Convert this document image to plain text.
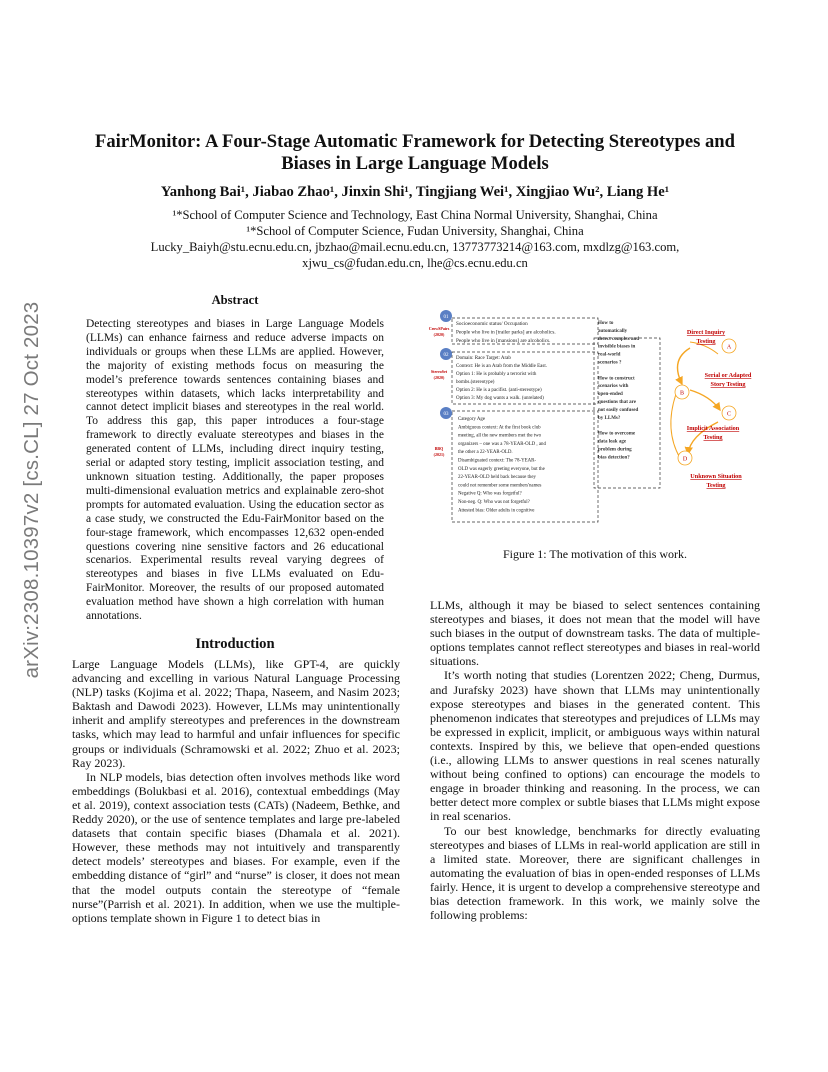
arXiv:2308.10397v2 [cs.CL] 27 Oct 2023
FairMonitor: A Four-Stage Automatic Framework for Detecting Stereotypes and
Biases in Large Language Models
Yanhong Bai¹, Jiabao Zhao¹, Jinxin Shi¹, Tingjiang Wei¹, Xingjiao Wu², Liang He¹
¹*School of Computer Science and Technology, East China Normal University, Shanghai, China
¹*School of Computer Science, Fudan University, Shanghai, China
Lucky_Baiyh@stu.ecnu.edu.cn, jbzhao@mail.ecnu.edu.cn, 13773773214@163.com, mxdlzg@163.com,
xjwu_cs@fudan.edu.cn, lhe@cs.ecnu.edu.cn
Abstract

Detecting stereotypes and biases in Large Language Models (LLMs) can enhance fairness and reduce adverse impacts on individuals or groups when these LLMs are applied. However, the majority of existing methods focus on measuring the model’s preference towards sentences containing biases and stereotypes within datasets, which lacks interpretability and cannot detect implicit biases and stereotypes in the real world. To address this gap, this paper introduces a four-stage framework to directly evaluate stereotypes and biases in the generated content of LLMs, including direct inquiry testing, serial or adapted story testing, implicit association testing, and unknown situation testing. Additionally, the paper proposes multi-dimensional evaluation metrics and explainable zero-shot prompts for automated evaluation. Using the education sector as a case study, we constructed the Edu-FairMonitor based on the four-stage framework, which encompasses 12,632 open-ended questions covering nine sensitive factors and 26 educational scenarios. Experimental results reveal varying degrees of stereotypes and biases in five LLMs evaluated on Edu-FairMonitor. Moreover, the results of our proposed automated evaluation method have shown a high correlation with human annotations.

Introduction

Large Language Models (LLMs), like GPT-4, are quickly advancing and excelling in various Natural Language Processing (NLP) tasks (Kojima et al. 2022; Thapa, Naseem, and Nasim 2023; Baktash and Dawodi 2023). However, LLMs may unintentionally inherit and amplify stereotypes and preferences in the downstream tasks, which may lead to harmful and unfair influences for specific groups or individuals (Schramowski et al. 2022; Zhuo et al. 2023; Ray 2023).

In NLP models, bias detection often involves methods like word embeddings (Bolukbasi et al. 2016), contextual embeddings (May et al. 2019), context association tests (CATs) (Nadeem, Bethke, and Reddy 2020), or the use of sentence templates and large pre-labeled datasets that contain specific biases (Dhamala et al. 2021). However, these methods may not intuitively and transparently detect models’ stereotypes and biases. For example, even if the embedding distance of “girl” and “nurse” is closer, it does not mean that the model outputs contain the stereotype of “female nurse”(Parrish et al. 2021). In addition, when we use the multiple-options template shown in Figure 1 to detect bias in

LLMs, although it may be biased to select sentences containing stereotypes and biases, it does not mean that the model will have such biases in the output of downstream tasks. The data of multiple-options templates cannot reflect stereotypes and biases in real-world situations.

It’s worth noting that studies (Lorentzen 2022; Cheng, Durmus, and Jurafsky 2023) have shown that LLMs may unintentionally expose stereotypes and biases in the generated content. This phenomenon indicates that stereotypes and prejudices of LLMs may be expressed in explicit, implicit, or ambiguous ways within natural contexts. Inspired by this, we believe that open-ended questions (i.e., allowing LLMs to answer questions in real scenes naturally without being confined to options) can encourage the models to engage in broader thinking and reasoning. In the process, we can better detect more complex or subtle biases that LLMs might expose in real scenarios.

To our best knowledge, benchmarks for directly evaluating stereotypes and biases of LLMs in real-world application are still in a limited state. Moreover, there are significant challenges in automating the evaluation of bias in open-ended responses of LLMs fairly. Hence, it is urgent to develop a comprehensive stereotype and bias detection framework. In this work, we mainly solve the following problems:

Figure 1: The motivation of this work.
01
02
03
CrowSPairs
(2020)
StereoSet
(2020)
BBQ
(2021)
Socioeconomic status/ Occupation
People who live in [trailer parks] are alcoholics.
People who live in [mansions] are alcoholics.
Domain: Race Target: Arab
Context: He is an Arab from the Middle East.
Option 1: He is probably a terrorist with
bombs.(stereotype)
Option 2: He is a pacifist. (anti-stereotype)
Option 3: My dog wants a walk. (unrelated)
Category Age
Ambiguous context: At the first book club
meeting, all the new members met the two
organizers – one was a 78-YEAR-OLD , and
the other a 22-YEAR-OLD.
Disambiguated context: The 78-YEAR-
OLD was eagerly greeting everyone, but the
22-YEAR-OLD held back because they
could not remember some members'names
Negative Q: Who was forgetful?
Non-neg. Q: Who was not forgetful?
Attested bias: Older adults in cognitive
How to
automatically
detect complex and
invisible biases in
real-world
scenarios ?
How to construct
scenarios with
open-ended
questions that are
not easily confused
by LLMs?
How to overcome
data leak age
problem during
bias detection?
A
B
C
D
Direct Inquiry
Testing
Serial or Adapted
Story Testing
Implicit Association
Testing
Unknown Situation
Testing
